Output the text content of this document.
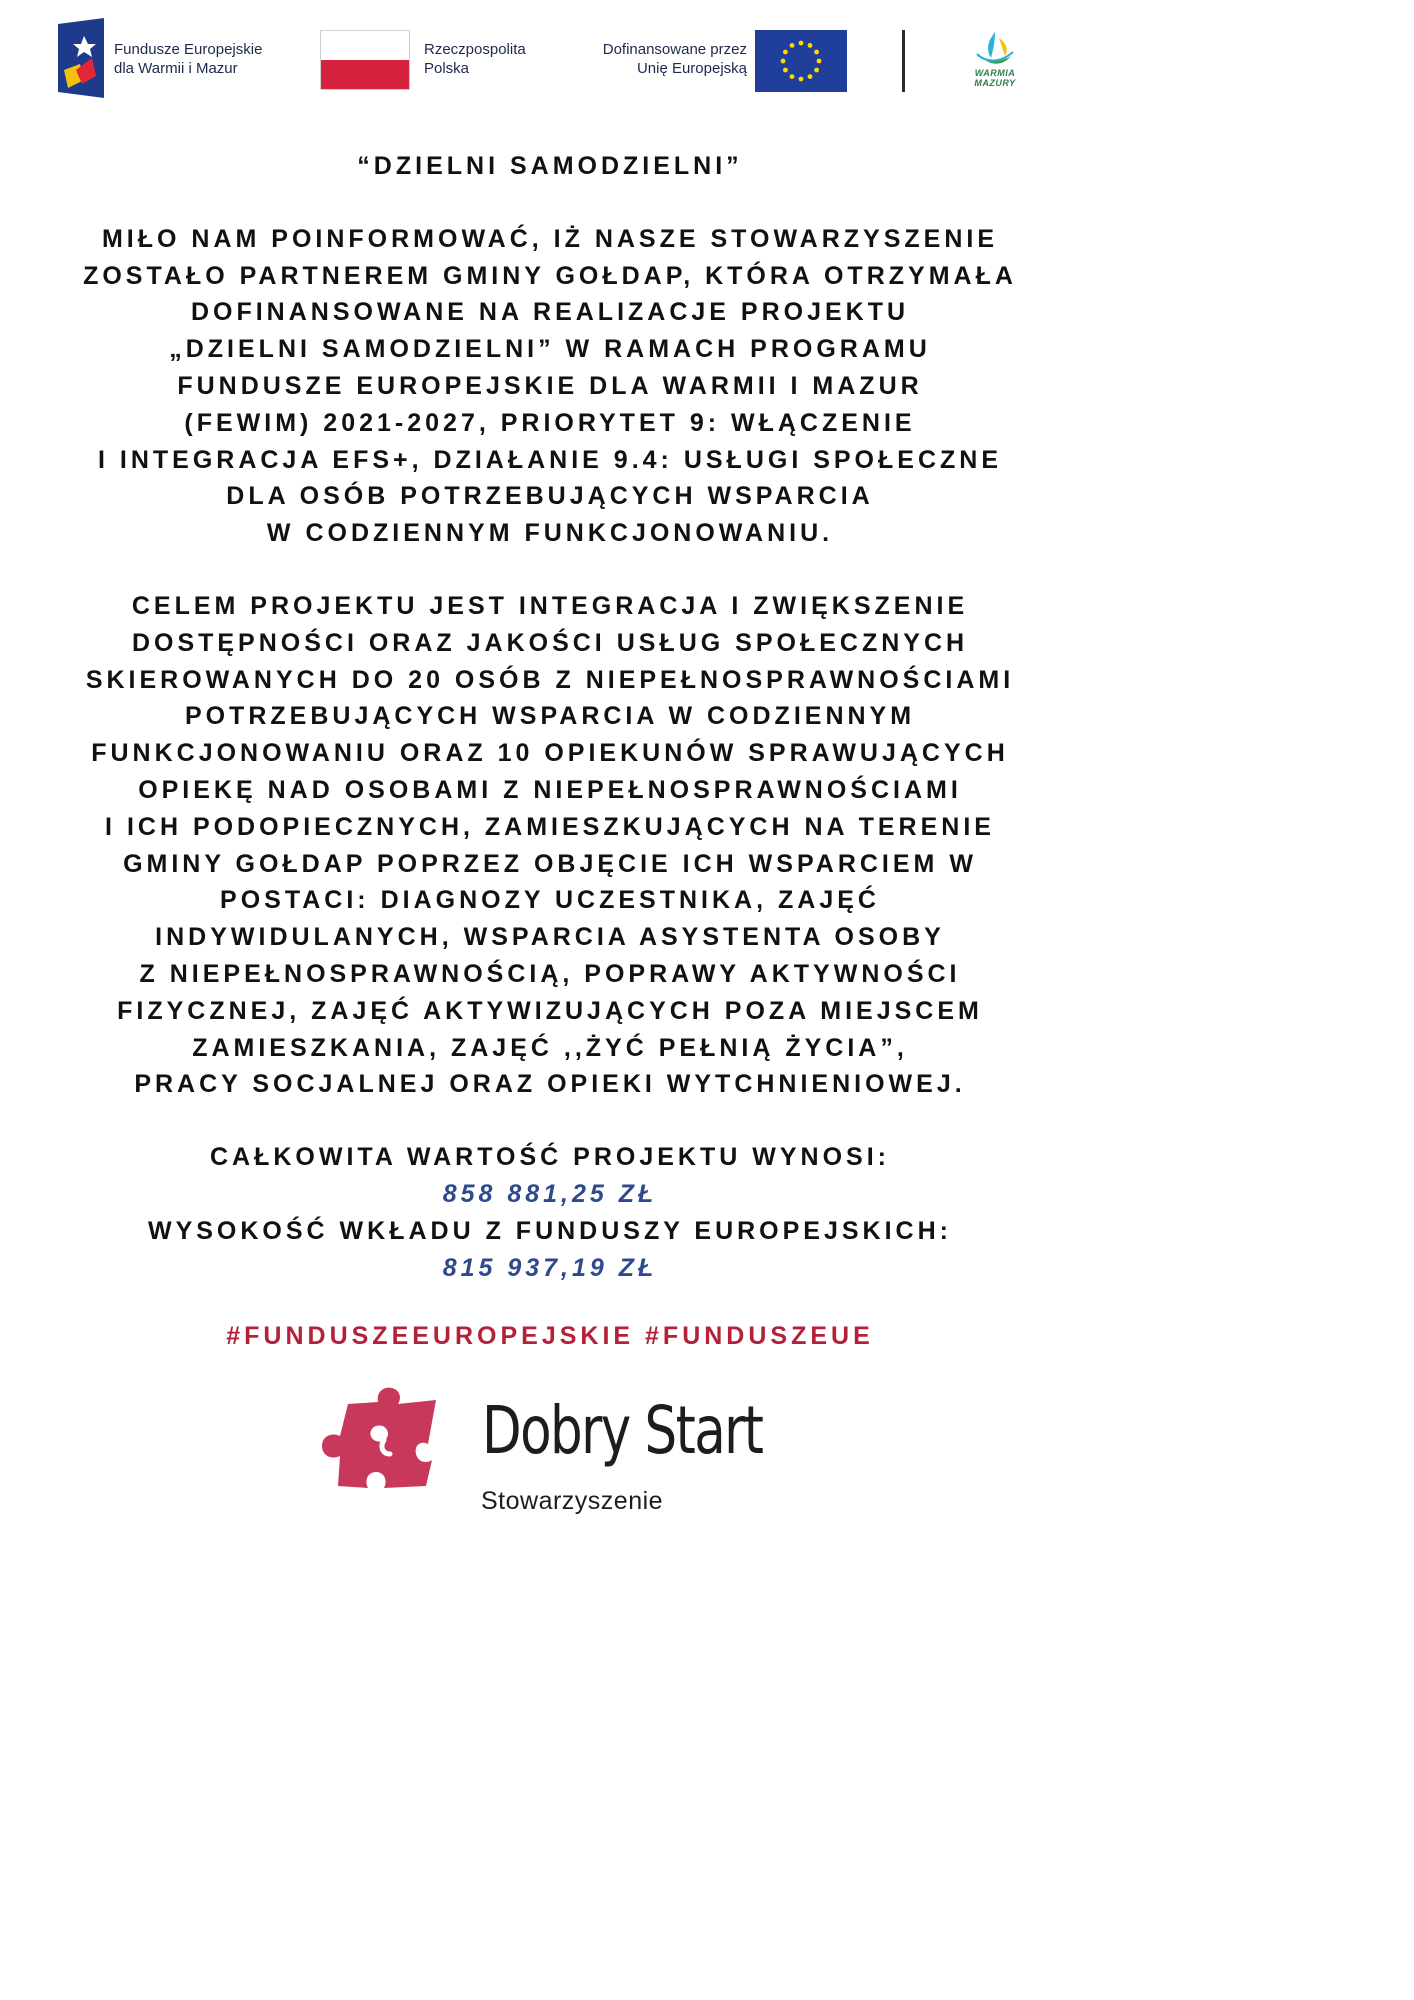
Fundusze Europejskie
dla Warmii i Mazur
Rzeczpospolita
Polska
Dofinansowane przez
Unię Europejską	WARMIA
MAZURY

“DZIELNI SAMODZIELNI”

MIŁO NAM POINFORMOWAĆ, IŻ NASZE STOWARZYSZENIE

ZOSTAŁO PARTNEREM GMINY GOŁDAP, KTÓRA OTRZYMAŁA

DOFINANSOWANE NA REALIZACJE PROJEKTU

„DZIELNI SAMODZIELNI” W RAMACH PROGRAMU

FUNDUSZE EUROPEJSKIE DLA WARMII I MAZUR

(FEWIM) 2021-2027, PRIORYTET 9: WŁĄCZENIE

I INTEGRACJA EFS+, DZIAŁANIE 9.4: USŁUGI SPOŁECZNE

DLA OSÓB POTRZEBUJĄCYCH WSPARCIA

W CODZIENNYM FUNKCJONOWANIU.

CELEM PROJEKTU JEST INTEGRACJA I ZWIĘKSZENIE

DOSTĘPNOŚCI ORAZ JAKOŚCI USŁUG SPOŁECZNYCH

SKIEROWANYCH DO 20 OSÓB Z NIEPEŁNOSPRAWNOŚCIAMI

POTRZEBUJĄCYCH WSPARCIA W CODZIENNYM

FUNKCJONOWANIU ORAZ 10 OPIEKUNÓW SPRAWUJĄCYCH

OPIEKĘ NAD OSOBAMI Z NIEPEŁNOSPRAWNOŚCIAMI

I ICH PODOPIECZNYCH, ZAMIESZKUJĄCYCH NA TERENIE

GMINY GOŁDAP POPRZEZ OBJĘCIE ICH WSPARCIEM W

POSTACI: DIAGNOZY UCZESTNIKA, ZAJĘĆ

INDYWIDULANYCH, WSPARCIA ASYSTENTA OSOBY

Z NIEPEŁNOSPRAWNOŚCIĄ, POPRAWY AKTYWNOŚCI

FIZYCZNEJ, ZAJĘĆ AKTYWIZUJĄCYCH POZA MIEJSCEM

ZAMIESZKANIA, ZAJĘĆ ,,ŻYĆ PEŁNIĄ ŻYCIA”,

PRACY SOCJALNEJ ORAZ OPIEKI WYTCHNIENIOWEJ.

CAŁKOWITA WARTOŚĆ PROJEKTU WYNOSI:

858 881,25 ZŁ

WYSOKOŚĆ WKŁADU Z FUNDUSZY EUROPEJSKICH:

815 937,19 ZŁ

#FUNDUSZEEUROPEJSKIE #FUNDUSZEUE

Dobry Start
Stowarzyszenie
